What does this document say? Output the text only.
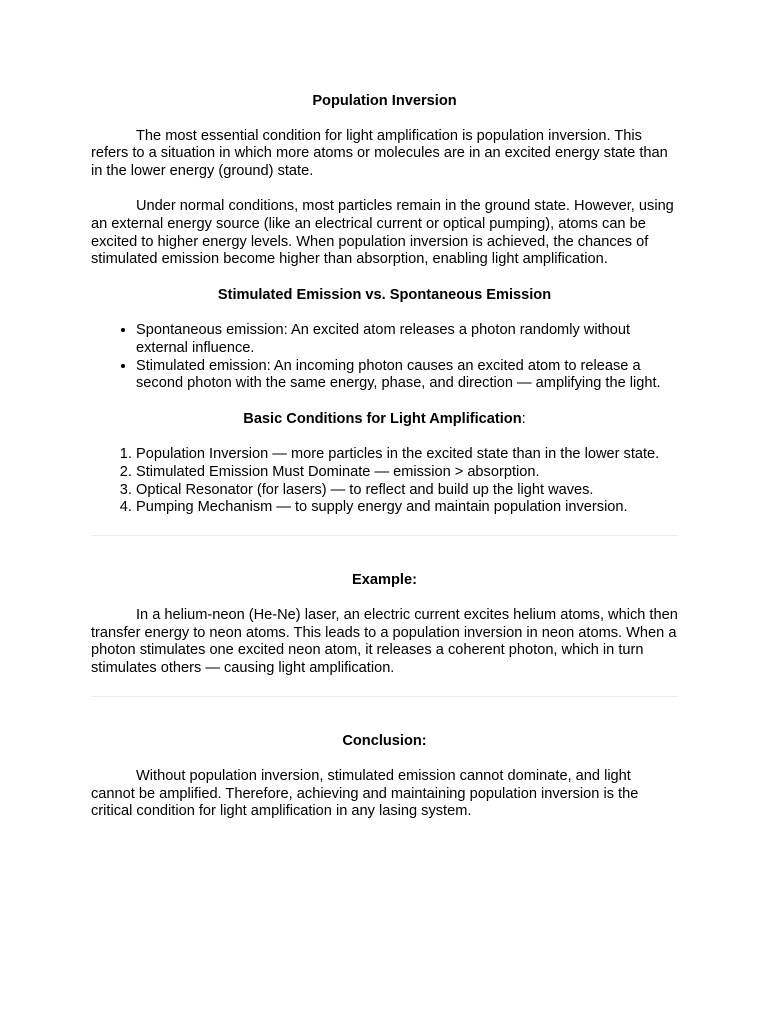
Population Inversion

The most essential condition for light amplification is population inversion. This refers to a situation in which more atoms or molecules are in an excited energy state than in the lower energy (ground) state.

Under normal conditions, most particles remain in the ground state. However, using an external energy source (like an electrical current or optical pumping), atoms can be excited to higher energy levels. When population inversion is achieved, the chances of stimulated emission become higher than absorption, enabling light amplification.

Stimulated Emission vs. Spontaneous Emission

• Spontaneous emission: An excited atom releases a photon randomly without external influence.
• Stimulated emission: An incoming photon causes an excited atom to release a second photon with the same energy, phase, and direction — amplifying the light.

Basic Conditions for Light Amplification:

1. Population Inversion — more particles in the excited state than in the lower state.
2. Stimulated Emission Must Dominate — emission > absorption.
3. Optical Resonator (for lasers) — to reflect and build up the light waves.
4. Pumping Mechanism — to supply energy and maintain population inversion.

Example:

In a helium-neon (He-Ne) laser, an electric current excites helium atoms, which then transfer energy to neon atoms. This leads to a population inversion in neon atoms. When a photon stimulates one excited neon atom, it releases a coherent photon, which in turn stimulates others — causing light amplification.

Conclusion:

Without population inversion, stimulated emission cannot dominate, and light cannot be amplified. Therefore, achieving and maintaining population inversion is the critical condition for light amplification in any lasing system.
